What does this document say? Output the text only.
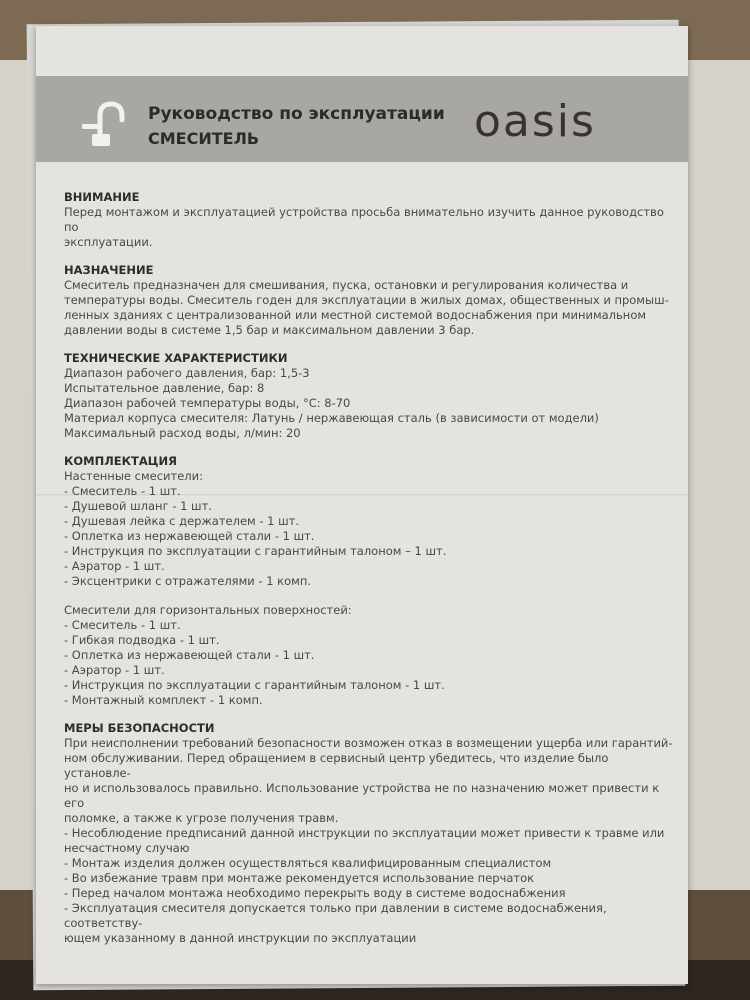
Руководство по эксплуатации
СМЕСИТЕЛЬ	oasis

ВНИМАНИЕ

Перед монтажом и эксплуатацией устройства просьба внимательно изучить данное руководство по

эксплуатации.

НАЗНАЧЕНИЕ

Смеситель предназначен для смешивания, пуска, остановки и регулирования количества и

температуры воды. Смеситель годен для эксплуатации в жилых домах, общественных и промыш-

ленных зданиях с централизованной или местной системой водоснабжения при минимальном

давлении воды в системе 1,5 бар и максимальном давлении 3 бар.

ТЕХНИЧЕСКИЕ ХАРАКТЕРИСТИКИ

Диапазон рабочего давления, бар: 1,5-3

Испытательное давление, бар: 8

Диапазон рабочей температуры воды, °С: 8-70

Материал корпуса смесителя: Латунь / нержавеющая сталь (в зависимости от модели)

Максимальный расход воды, л/мин: 20

КОМПЛЕКТАЦИЯ

Настенные смесители:

- Смеситель - 1 шт.

- Душевой шланг - 1 шт.

- Душевая лейка с держателем - 1 шт.

- Оплетка из нержавеющей стали - 1 шт.

- Инструкция по эксплуатации с гарантийным талоном – 1 шт.

- Аэратор - 1 шт.

- Эксцентрики с отражателями - 1 комп.

Смесители для горизонтальных поверхностей:

- Смеситель - 1 шт.

- Гибкая подводка - 1 шт.

- Оплетка из нержавеющей стали - 1 шт.

- Аэратор - 1 шт.

- Инструкция по эксплуатации с гарантийным талоном - 1 шт.

- Монтажный комплект - 1 комп.

МЕРЫ БЕЗОПАСНОСТИ

При неисполнении требований безопасности возможен отказ в возмещении ущерба или гарантий-

ном обслуживании. Перед обращением в сервисный центр убедитесь, что изделие было установле-

но и использовалось правильно. Использование устройства не по назначению может привести к его

поломке, а также к угрозе получения травм.

- Несоблюдение предписаний данной инструкции по эксплуатации может привести к травме или

несчастному случаю

- Монтаж изделия должен осуществляться квалифицированным специалистом

- Во избежание травм при монтаже рекомендуется использование перчаток

- Перед началом монтажа необходимо перекрыть воду в системе водоснабжения

- Эксплуатация смесителя допускается только при давлении в системе водоснабжения, соответству-

ющем указанному в данной инструкции по эксплуатации
